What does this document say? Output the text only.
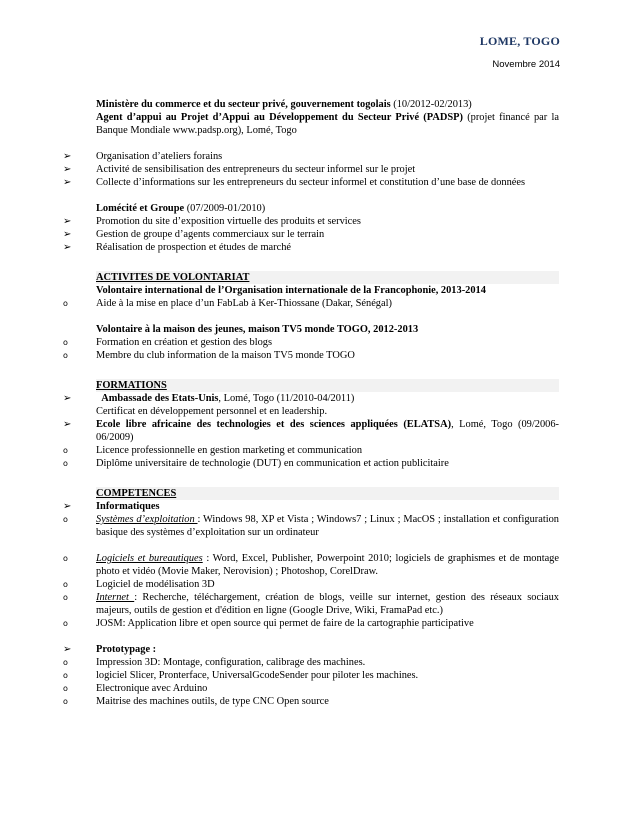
LOME, TOGO
Novembre 2014
Ministère du commerce et du secteur privé, gouvernement togolais (10/2012-02/2013)
Agent d’appui au Projet d’Appui au Développement du Secteur Privé (PADSP) (projet financé par la Banque Mondiale www.padsp.org), Lomé, Togo
➢	Organisation d’ateliers forains
➢	Activité de sensibilisation des entrepreneurs du secteur informel sur le projet
➢	Collecte d’informations sur les entrepreneurs du secteur informel et constitution d’une base de données
Lomécité et Groupe (07/2009-01/2010)
➢	Promotion du site d’exposition virtuelle des produits et services
➢	Gestion de groupe d’agents commerciaux sur le terrain
➢	Réalisation de prospection et études de marché
ACTIVITES DE VOLONTARIAT
Volontaire international de l’Organisation internationale de la Francophonie, 2013-2014
o	Aide à la mise en place d’un FabLab à Ker-Thiossane (Dakar, Sénégal)
Volontaire à la maison des jeunes, maison TV5 monde TOGO, 2012-2013
o	Formation en création et gestion des blogs
o	Membre du club information de la maison TV5 monde TOGO
FORMATIONS
➢	Ambassade des Etats-Unis, Lomé, Togo (11/2010-04/2011)
Certificat en développement personnel et en leadership.
➢	Ecole libre africaine des technologies et des sciences appliquées (ELATSA), Lomé, Togo (09/2006-06/2009)
o	Licence professionnelle en gestion marketing et communication
o	Diplôme universitaire de technologie (DUT) en communication et action publicitaire
COMPETENCES
➢	Informatiques
o	Systèmes d’exploitation : Windows 98, XP et Vista ; Windows7 ; Linux ; MacOS ; installation et configuration basique des systèmes d’exploitation sur un ordinateur
o	Logiciels et bureautiques : Word, Excel, Publisher, Powerpoint 2010; logiciels de graphismes et de montage photo et vidéo (Movie Maker, Nerovision) ; Photoshop, CorelDraw.
o	Logiciel de modélisation 3D
o	Internet : Recherche, téléchargement, création de blogs, veille sur internet, gestion des réseaux sociaux majeurs, outils de gestion et d'édition en ligne (Google Drive, Wiki, FramaPad etc.)
o	JOSM: Application libre et open source qui permet de faire de la cartographie participative
➢	Prototypage :
o	Impression 3D: Montage, configuration, calibrage des machines.
o	logiciel Slicer, Pronterface, UniversalGcodeSender pour piloter les machines.
o	Electronique avec Arduino
o	Maitrise des machines outils, de type CNC Open source
